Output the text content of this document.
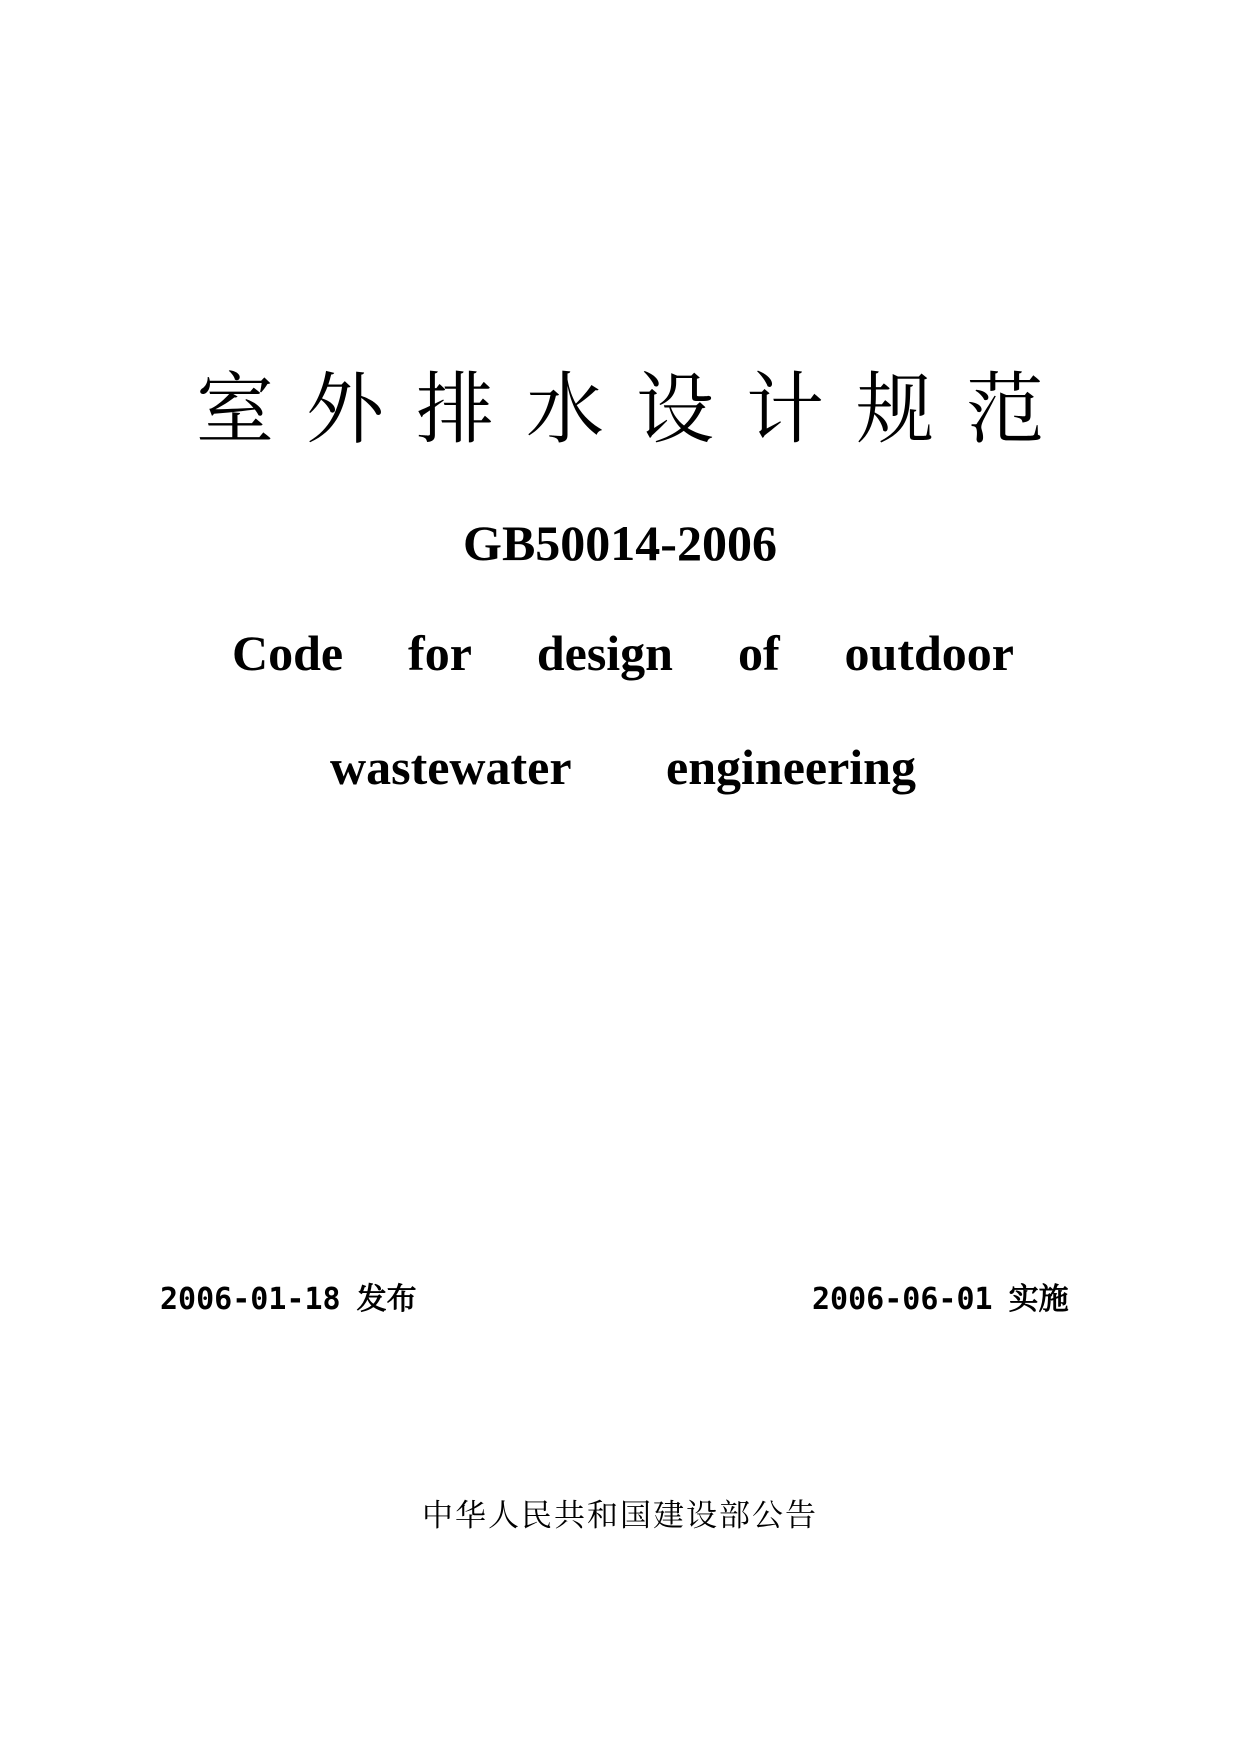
室外排水设计规范
GB50014-2006
Code for design of outdoor
wastewater engineering
2006-01-18 发布	2006-06-01 实施
中华人民共和国建设部公告
